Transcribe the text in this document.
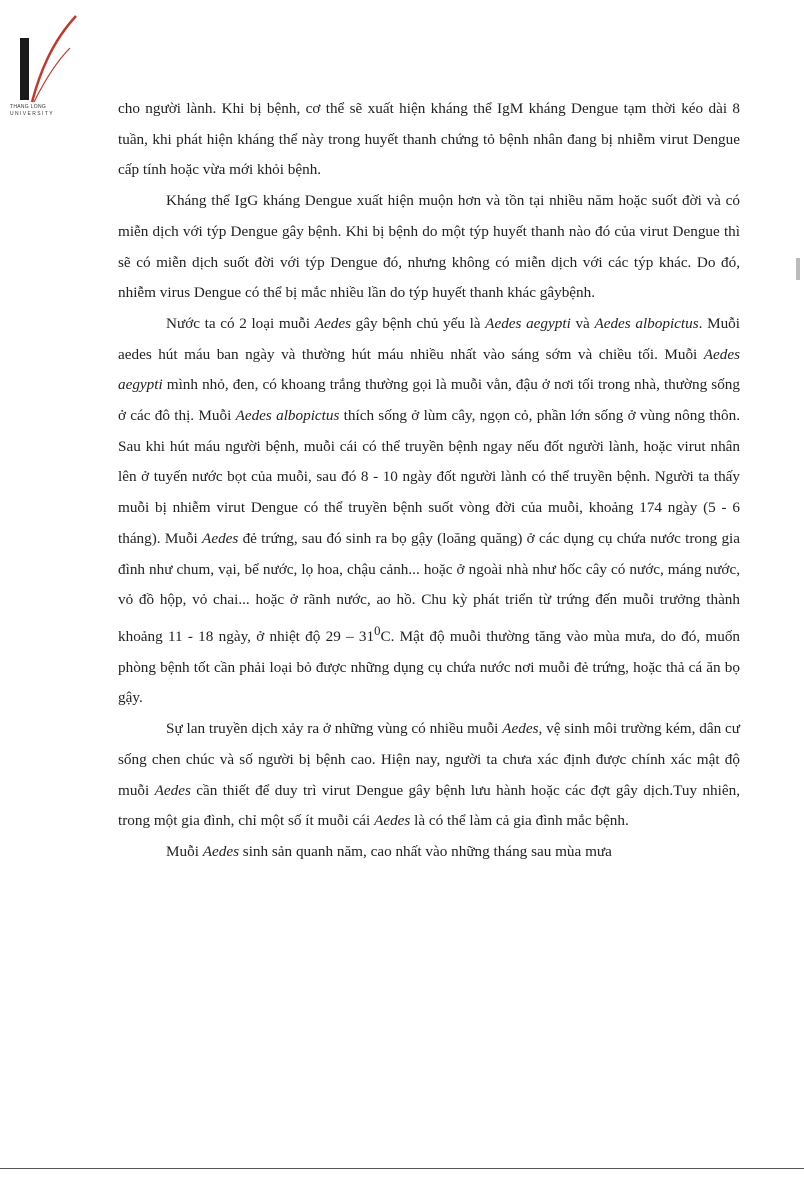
THANG LONG
UNIVERSITY	cho người lành. Khi bị bệnh, cơ thể sẽ xuất hiện kháng thể IgM kháng Dengue tạm thời kéo dài 8 tuần, khi phát hiện kháng thể này trong huyết thanh chứng tỏ bệnh nhân đang bị nhiễm virut Dengue cấp tính hoặc vừa mới khỏi bệnh.

Kháng thể IgG kháng Dengue xuất hiện muộn hơn và tồn tại nhiều năm hoặc suốt đời và có miễn dịch với týp Dengue gây bệnh. Khi bị bệnh do một týp huyết thanh nào đó của virut Dengue thì sẽ có miễn dịch suốt đời với týp Dengue đó, nhưng không có miễn dịch với các týp khác. Do đó, nhiễm virus Dengue có thể bị mắc nhiều lần do týp huyết thanh khác gâybệnh.

Nước ta có 2 loại muỗi Aedes gây bệnh chủ yếu là Aedes aegypti và Aedes albopictus. Muỗi aedes hút máu ban ngày và thường hút máu nhiều nhất vào sáng sớm và chiều tối. Muỗi Aedes aegypti mình nhỏ, đen, có khoang trắng thường gọi là muỗi vằn, đậu ở nơi tối trong nhà, thường sống ở các đô thị. Muỗi Aedes albopictus thích sống ở lùm cây, ngọn cỏ, phần lớn sống ở vùng nông thôn. Sau khi hút máu người bệnh, muỗi cái có thể truyền bệnh ngay nếu đốt người lành, hoặc virut nhân lên ở tuyến nước bọt của muỗi, sau đó 8 - 10 ngày đốt người lành có thể truyền bệnh. Người ta thấy muỗi bị nhiễm virut Dengue có thể truyền bệnh suốt vòng đời của muỗi, khoảng 174 ngày (5 - 6 tháng). Muỗi Aedes đẻ trứng, sau đó sinh ra bọ gậy (loăng quăng) ở các dụng cụ chứa nước trong gia đình như chum, vại, bể nước, lọ hoa, chậu cảnh... hoặc ở ngoài nhà như hốc cây có nước, máng nước, vỏ đồ hộp, vỏ chai... hoặc ở rãnh nước, ao hồ. Chu kỳ phát triển từ trứng đến muỗi trưởng thành khoảng 11 - 18 ngày, ở nhiệt độ $29 - 31^0C$. Mật độ muỗi thường tăng vào mùa mưa, do đó, muốn phòng bệnh tốt cần phải loại bỏ được những dụng cụ chứa nước nơi muỗi đẻ trứng, hoặc thả cá ăn bọ gậy.

Sự lan truyền dịch xảy ra ở những vùng có nhiều muỗi Aedes, vệ sinh môi trường kém, dân cư sống chen chúc và số người bị bệnh cao. Hiện nay, người ta chưa xác định được chính xác mật độ muỗi Aedes cần thiết để duy trì virut Dengue gây bệnh lưu hành hoặc các đợt gây dịch.Tuy nhiên, trong một gia đình, chỉ một số ít muỗi cái Aedes là có thể làm cả gia đình mắc bệnh.

Muỗi Aedes sinh sản quanh năm, cao nhất vào những tháng sau mùa mưa
